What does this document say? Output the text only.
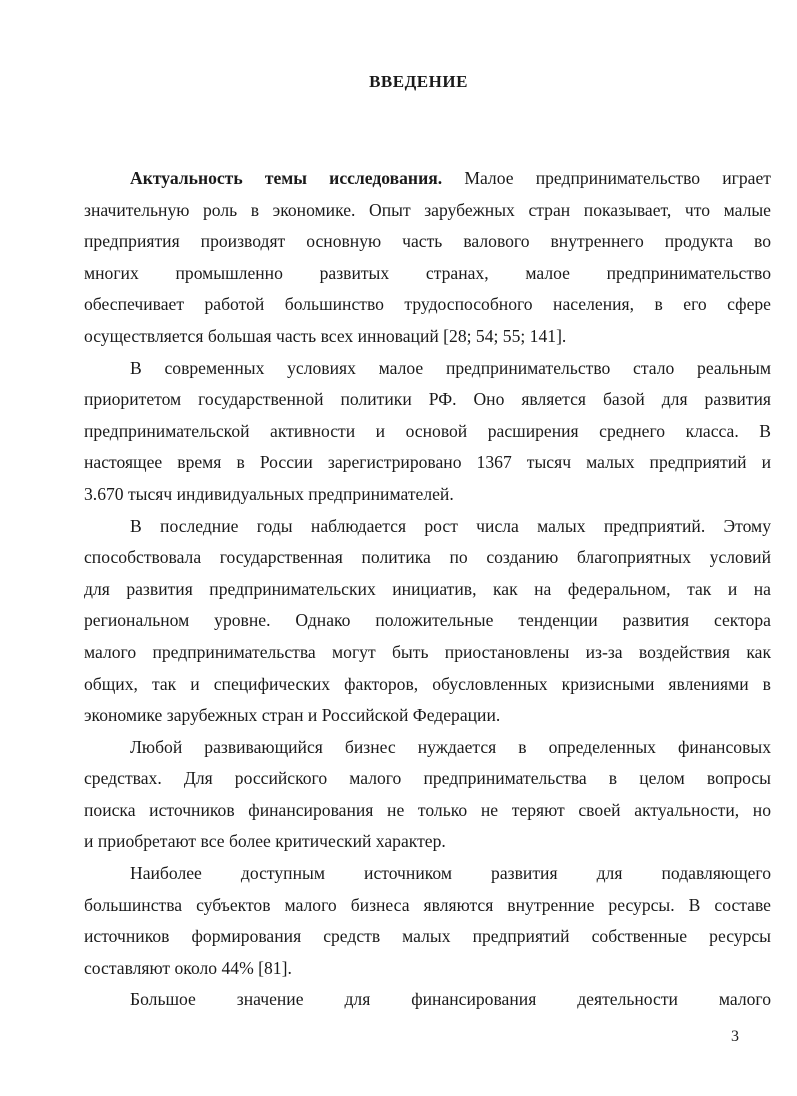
ВВЕДЕНИЕ
Актуальность темы исследования. Малое предпринимательство играет
значительную роль в экономике. Опыт зарубежных стран показывает, что малые
предприятия производят основную часть валового внутреннего продукта во
многих промышленно развитых странах, малое предпринимательство
обеспечивает работой большинство трудоспособного населения, в его сфере
осуществляется большая часть всех инноваций [28; 54; 55; 141].
В современных условиях малое предпринимательство стало реальным
приоритетом государственной политики РФ. Оно является базой для развития
предпринимательской активности и основой расширения среднего класса. В
настоящее время в России зарегистрировано 1367 тысяч малых предприятий и
3.670 тысяч индивидуальных предпринимателей.
В последние годы наблюдается рост числа малых предприятий. Этому
способствовала государственная политика по созданию благоприятных условий
для развития предпринимательских инициатив, как на федеральном, так и на
региональном уровне. Однако положительные тенденции развития сектора
малого предпринимательства могут быть приостановлены из-за воздействия как
общих, так и специфических факторов, обусловленных кризисными явлениями в
экономике зарубежных стран и Российской Федерации.
Любой развивающийся бизнес нуждается в определенных финансовых
средствах. Для российского малого предпринимательства в целом вопросы
поиска источников финансирования не только не теряют своей актуальности, но
и приобретают все более критический характер.
Наиболее доступным источником развития для подавляющего
большинства субъектов малого бизнеса являются внутренние ресурсы. В составе
источников формирования средств малых предприятий собственные ресурсы
составляют около 44% [81].
Большое значение для финансирования деятельности малого
3
